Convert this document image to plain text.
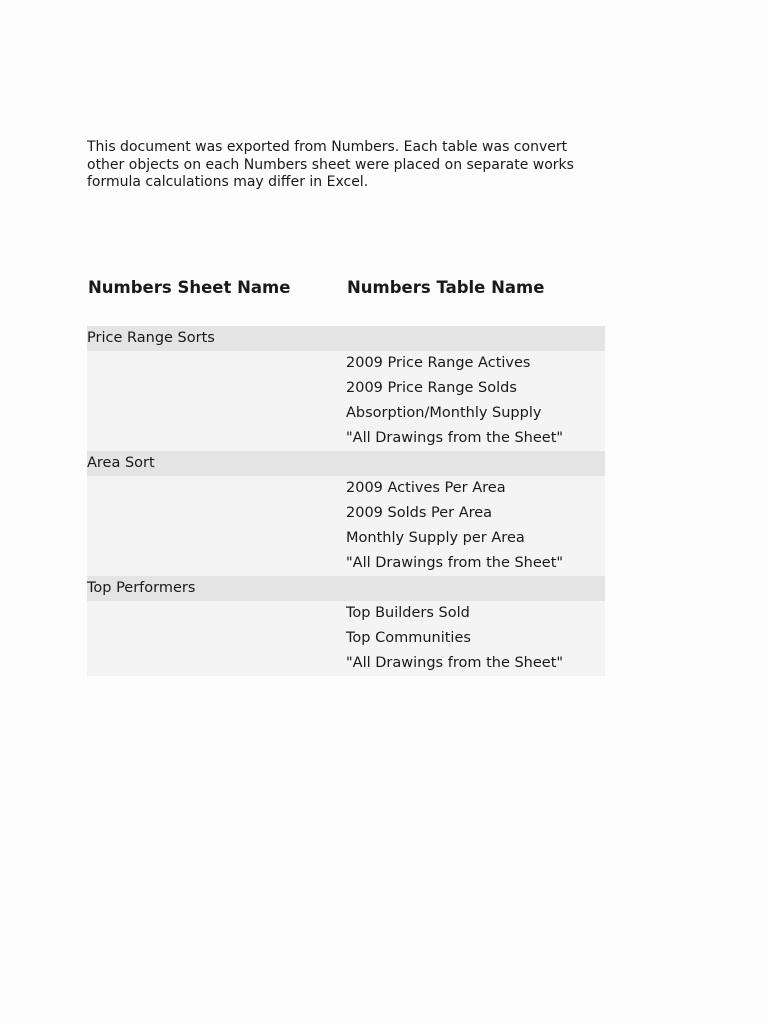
This document was exported from Numbers. Each table was convert
other objects on each Numbers sheet were placed on separate works
formula calculations may differ in Excel.
Numbers Sheet Name	Numbers Table Name
Price Range Sorts
2009 Price Range Actives
2009 Price Range Solds
Absorption/Monthly Supply
"All Drawings from the Sheet"
Area Sort
2009 Actives Per Area
2009 Solds Per Area
Monthly Supply per Area
"All Drawings from the Sheet"
Top Performers
Top Builders Sold
Top Communities
"All Drawings from the Sheet"
